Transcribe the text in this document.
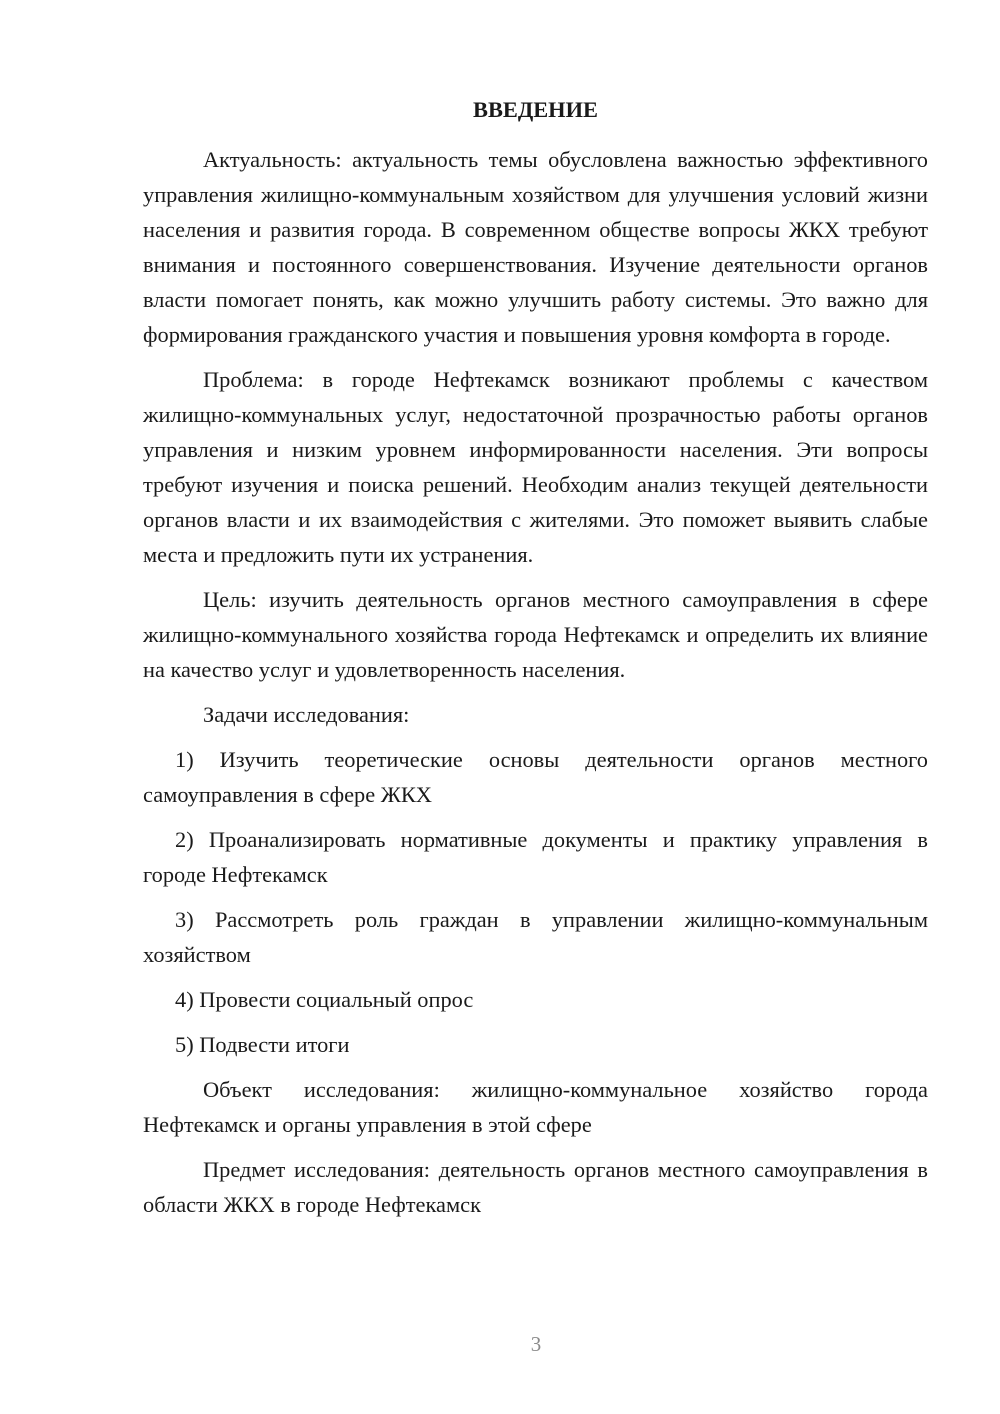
ВВЕДЕНИЕ

Актуальность: актуальность темы обусловлена важностью эффективного управления жилищно-коммунальным хозяйством для улучшения условий жизни населения и развития города. В современном обществе вопросы ЖКХ требуют внимания и постоянного совершенствования. Изучение деятельности органов власти помогает понять, как можно улучшить работу системы. Это важно для формирования гражданского участия и повышения уровня комфорта в городе.

Проблема: в городе Нефтекамск возникают проблемы с качеством жилищно-коммунальных услуг, недостаточной прозрачностью работы органов управления и низким уровнем информированности населения. Эти вопросы требуют изучения и поиска решений. Необходим анализ текущей деятельности органов власти и их взаимодействия с жителями. Это поможет выявить слабые места и предложить пути их устранения.

Цель: изучить деятельность органов местного самоуправления в сфере жилищно-коммунального хозяйства города Нефтекамск и определить их влияние на качество услуг и удовлетворенность населения.

Задачи исследования:

1) Изучить теоретические основы деятельности органов местного самоуправления в сфере ЖКХ

2) Проанализировать нормативные документы и практику управления в городе Нефтекамск

3) Рассмотреть роль граждан в управлении жилищно-коммунальным хозяйством

4) Провести социальный опрос

5) Подвести итоги

Объект исследования: жилищно-коммунальное хозяйство города Нефтекамск и органы управления в этой сфере

Предмет исследования: деятельность органов местного самоуправления в области ЖКХ в городе Нефтекамск

3
